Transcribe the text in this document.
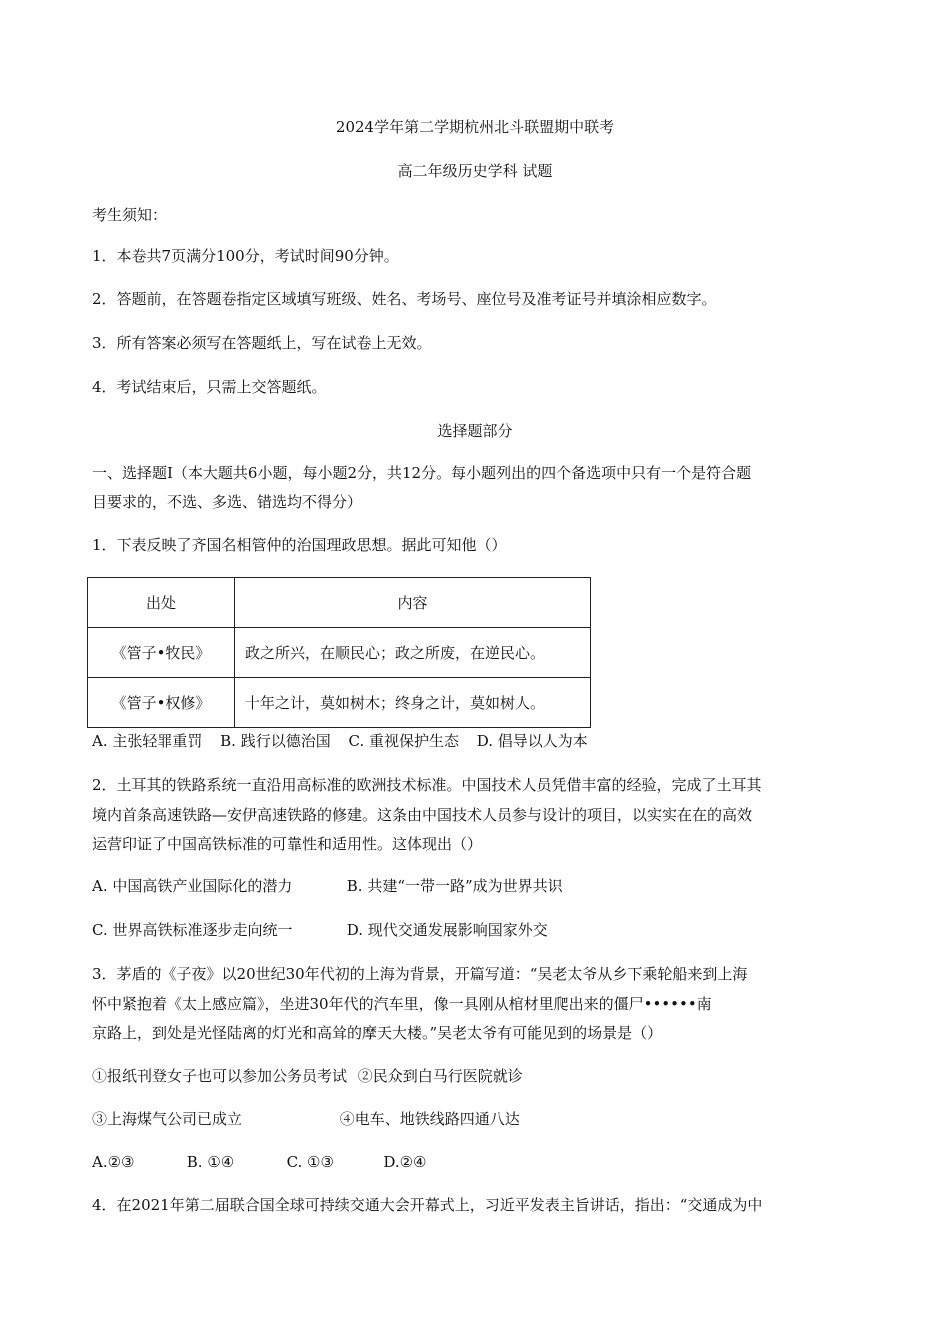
2024学年第二学期杭州北斗联盟期中联考
高二年级历史学科 试题
考生须知：
1．本卷共7页满分100分，考试时间90分钟。
2．答题前，在答题卷指定区域填写班级、姓名、考场号、座位号及准考证号并填涂相应数字。
3．所有答案必须写在答题纸上，写在试卷上无效。
4．考试结束后，只需上交答题纸。
选择题部分
一、选择题Ⅰ（本大题共6小题，每小题2分，共12分。每小题列出的四个备选项中只有一个是符合题
目要求的，不选、多选、错选均不得分）
1．下表反映了齐国名相管仲的治国理政思想。据此可知他（）
出处	内容
《管子•牧民》	政之所兴，在顺民心；政之所废，在逆民心。
《管子•权修》	十年之计，莫如树木；终身之计，莫如树人。
A. 主张轻罪重罚 B. 践行以德治国 C. 重视保护生态 D. 倡导以人为本
2．土耳其的铁路系统一直沿用高标准的欧洲技术标准。中国技术人员凭借丰富的经验，完成了土耳其
境内首条高速铁路—安伊高速铁路的修建。这条由中国技术人员参与设计的项目，以实实在在的高效
运营印证了中国高铁标准的可靠性和适用性。这体现出（）
A. 中国高铁产业国际化的潜力	B. 共建“一带一路”成为世界共识
C. 世界高铁标准逐步走向统一	D. 现代交通发展影响国家外交
3．茅盾的《子夜》以20世纪30年代初的上海为背景，开篇写道：“吴老太爷从乡下乘轮船来到上海
怀中紧抱着《太上感应篇》，坐进30年代的汽车里，像一具刚从棺材里爬出来的僵尸••••••南
京路上，到处是光怪陆离的灯光和高耸的摩天大楼。”吴老太爷有可能见到的场景是（）
①报纸刊登女子也可以参加公务员考试 ②民众到白马行医院就诊
③上海煤气公司已成立	④电车、地铁线路四通八达
A.②③	B. ①④	C. ①③	D.②④
4．在2021年第二届联合国全球可持续交通大会开幕式上，习近平发表主旨讲话，指出：“交通成为中
